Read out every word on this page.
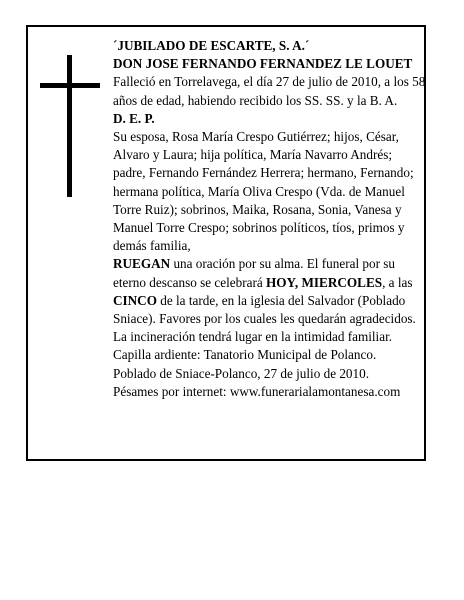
´JUBILADO DE ESCARTE, S. A.´

DON JOSE FERNANDO FERNANDEZ LE LOUET

Falleció en Torrelavega, el día 27 de julio de 2010, a los 58 años de edad, habiendo recibido los SS. SS. y la B. A.

D. E. P.

Su esposa, Rosa María Crespo Gutiérrez; hijos, César, Alvaro y Laura; hija política, María Navarro Andrés; padre, Fernando Fernández Herrera; hermano, Fernando; hermana política, María Oliva Crespo (Vda. de Manuel Torre Ruiz); sobrinos, Maika, Rosana, Sonia, Vanesa y Manuel Torre Crespo; sobrinos políticos, tíos, primos y demás familia,

RUEGAN una oración por su alma. El funeral por su eterno descanso se celebrará HOY, MIERCOLES, a las CINCO de la tarde, en la iglesia del Salvador (Poblado Sniace). Favores por los cuales les quedarán agradecidos. La incineración tendrá lugar en la intimidad familiar. Capilla ardiente: Tanatorio Municipal de Polanco.

Poblado de Sniace-Polanco, 27 de julio de 2010.

Pésames por internet: www.funerarialamontanesa.com
